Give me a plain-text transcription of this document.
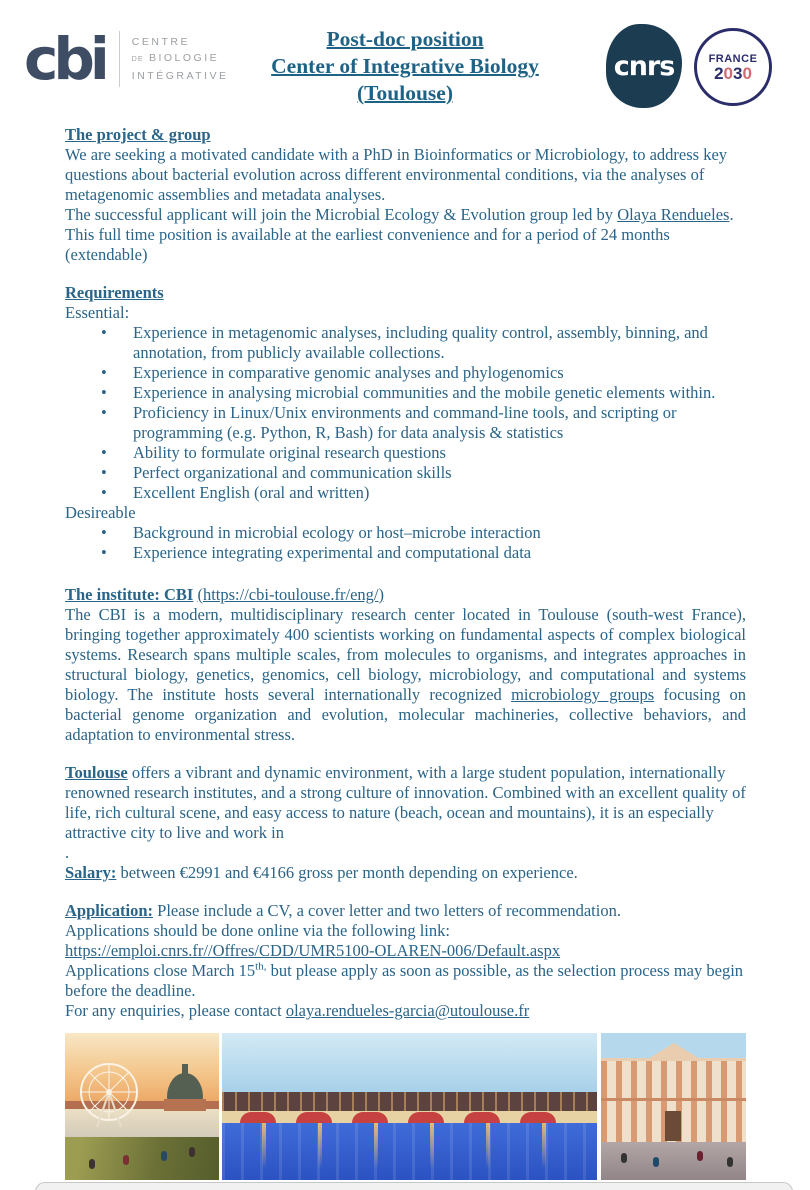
cbi	CENTRE
DE BIOLOGIE
INTÉGRATIVE
Post-doc position
Center of Integrative Biology
(Toulouse)
cnrs	FRANCE
2030

The project & group

We are seeking a motivated candidate with a PhD in Bioinformatics or Microbiology, to address key questions about bacterial evolution across different environmental conditions, via the analyses of metagenomic assemblies and metadata analyses.

The successful applicant will join the Microbial Ecology & Evolution group led by Olaya Rendueles. This full time position is available at the earliest convenience and for a period of 24 months (extendable)

Requirements

Essential:

• Experience in metagenomic analyses, including quality control, assembly, binning, and annotation, from publicly available collections.
• Experience in comparative genomic analyses and phylogenomics
• Experience in analysing microbial communities and the mobile genetic elements within.
• Proficiency in Linux/Unix environments and command-line tools, and scripting or programming (e.g. Python, R, Bash) for data analysis & statistics
• Ability to formulate original research questions
• Perfect organizational and communication skills
• Excellent English (oral and written)

Desireable

• Background in microbial ecology or host–microbe interaction
• Experience integrating experimental and computational data

The institute: CBI (https://cbi-toulouse.fr/eng/)

The CBI is a modern, multidisciplinary research center located in Toulouse (south-west France), bringing together approximately 400 scientists working on fundamental aspects of complex biological systems. Research spans multiple scales, from molecules to organisms, and integrates approaches in structural biology, genetics, genomics, cell biology, microbiology, and computational and systems biology. The institute hosts several internationally recognized microbiology groups focusing on bacterial genome organization and evolution, molecular machineries, collective behaviors, and adaptation to environmental stress.

Toulouse offers a vibrant and dynamic environment, with a large student population, internationally renowned research institutes, and a strong culture of innovation. Combined with an excellent quality of life, rich cultural scene, and easy access to nature (beach, ocean and mountains), it is an especially attractive city to live and work in

.

Salary: between €2991 and €4166 gross per month depending on experience.

Application: Please include a CV, a cover letter and two letters of recommendation.

Applications should be done online via the following link:

https://emploi.cnrs.fr//Offres/CDD/UMR5100-OLAREN-006/Default.aspx

Applications close March $15^{th,}$ but please apply as soon as possible, as the selection process may begin before the deadline.

For any enquiries, please contact olaya.rendueles-garcia@utoulouse.fr
